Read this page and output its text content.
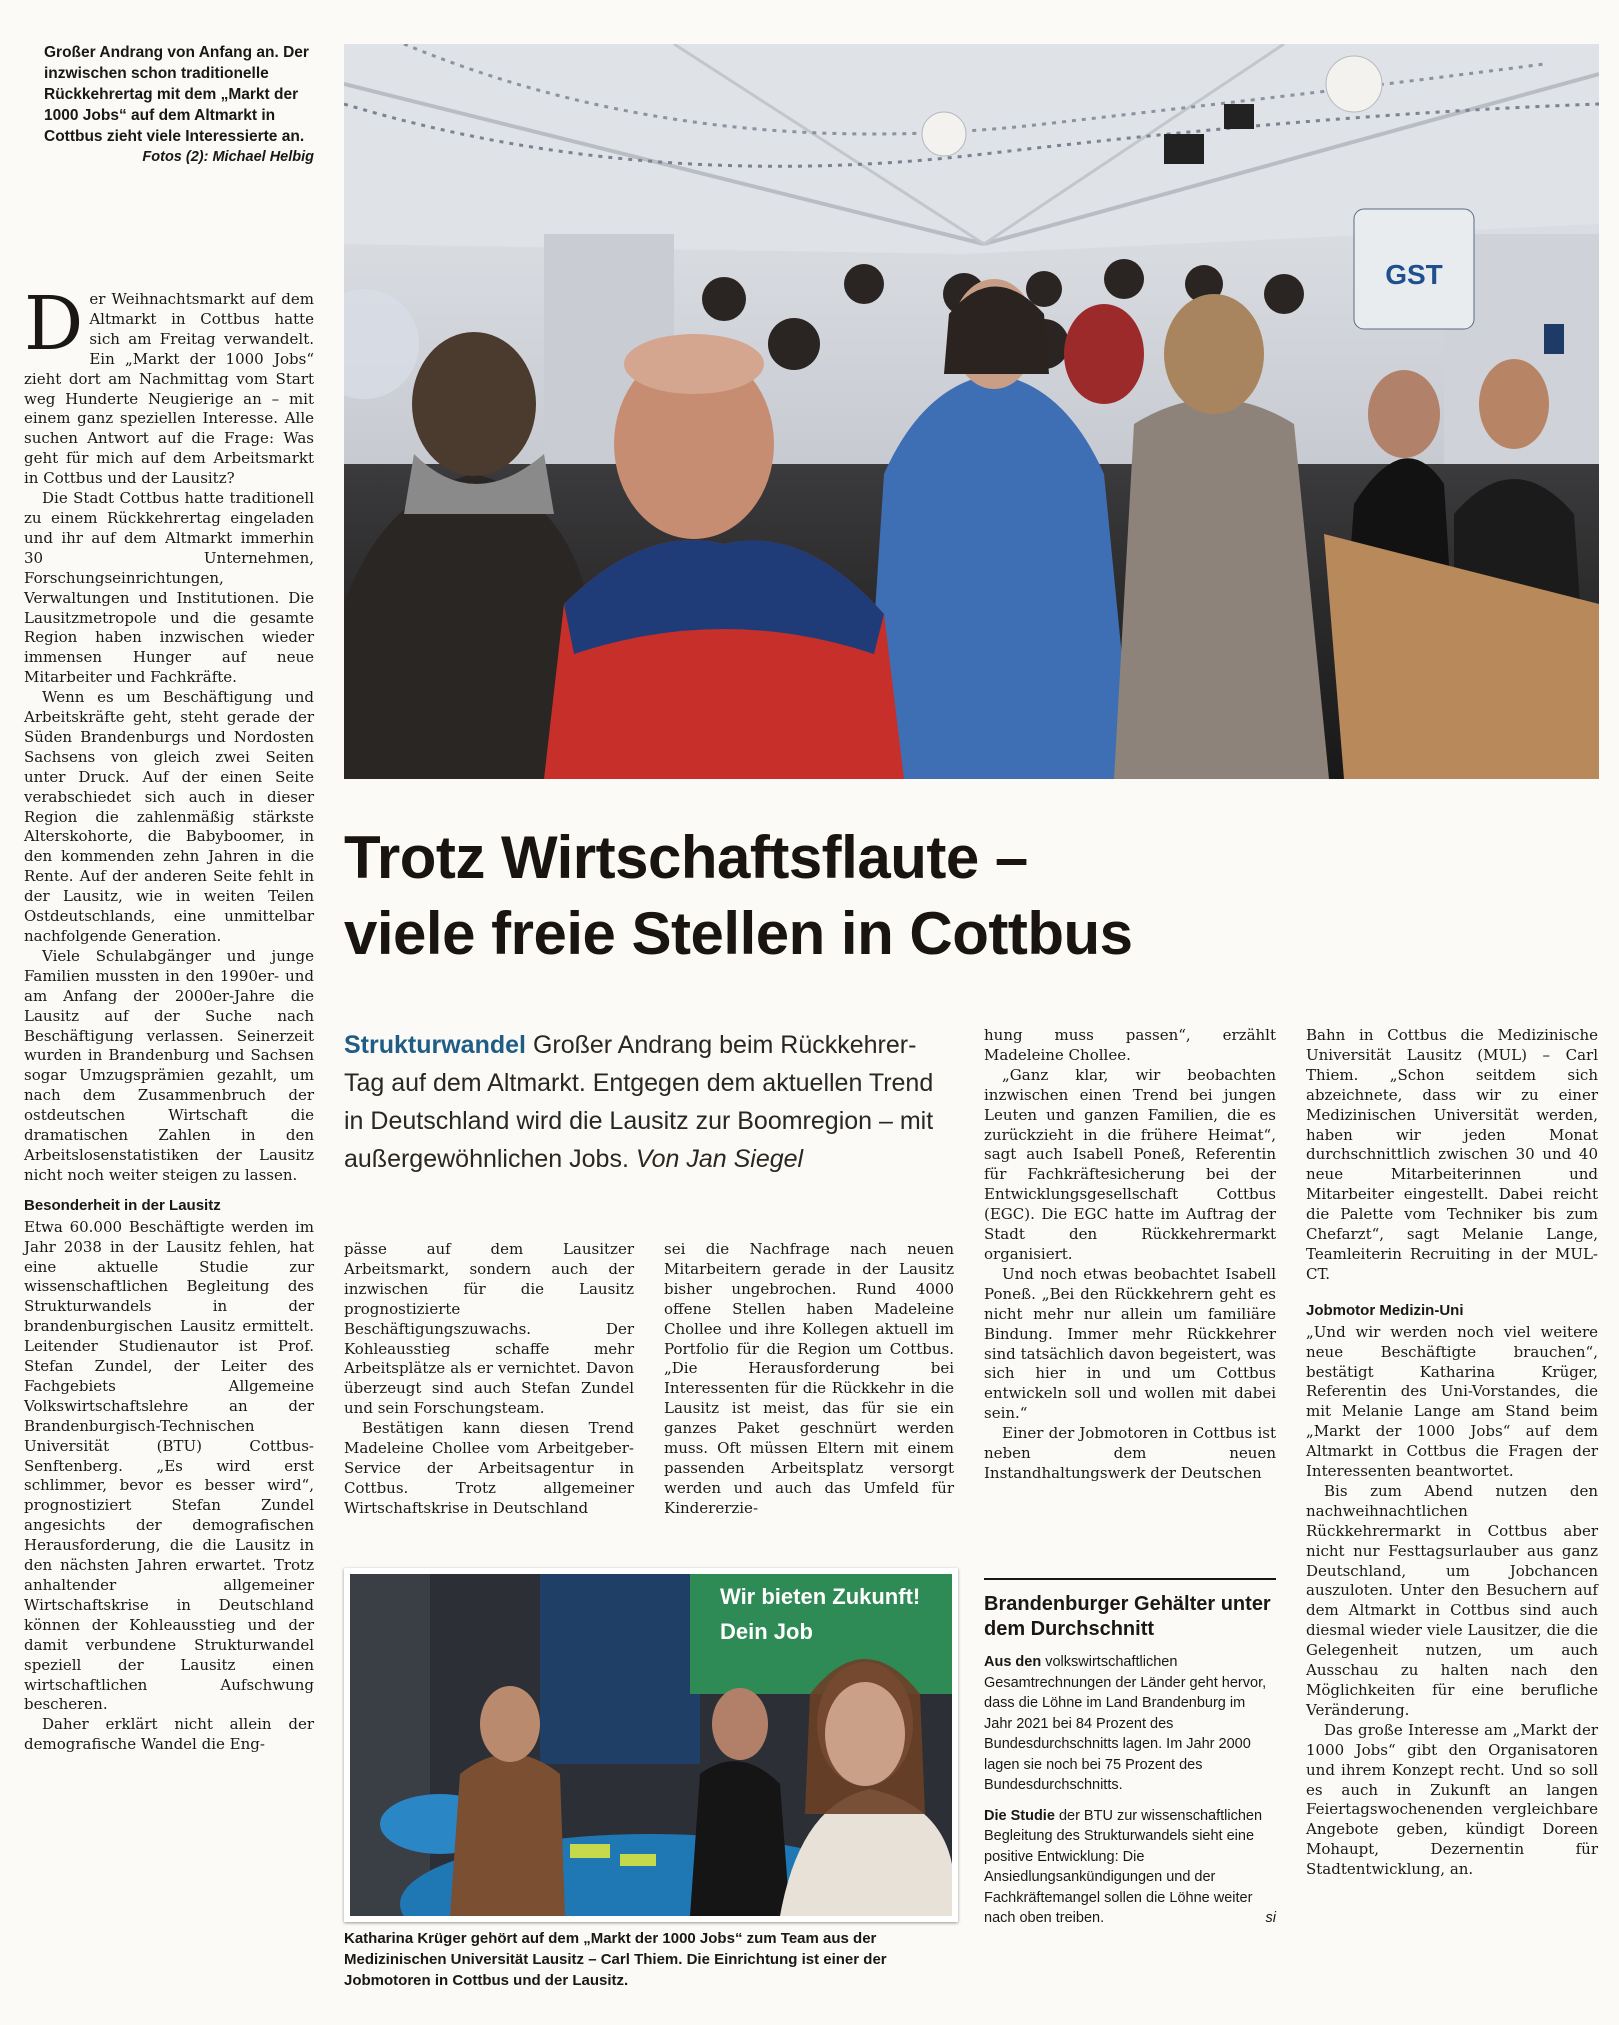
Großer Andrang von Anfang an. Der inzwischen schon traditionelle Rückkehrertag mit dem „Markt der 1000 Jobs“ auf dem Altmarkt in Cottbus zieht viele Interessierte an.
Fotos (2): Michael Helbig
GST
Trotz Wirtschaftsflaute –
viele freie Stellen in Cottbus
Strukturwandel Großer Andrang beim Rückkehrer-Tag auf dem Altmarkt. Entgegen dem aktuellen Trend in Deutschland wird die Lausitz zur Boomregion – mit außergewöhnlichen Jobs. Von Jan Siegel

Der Weihnachtsmarkt auf dem Altmarkt in Cottbus hatte sich am Freitag verwandelt. Ein „Markt der 1000 Jobs“ zieht dort am Nachmittag vom Start weg Hunderte Neugierige an – mit einem ganz speziellen Interesse. Alle suchen Antwort auf die Frage: Was geht für mich auf dem Arbeitsmarkt in Cottbus und der Lausitz?

Die Stadt Cottbus hatte traditionell zu einem Rückkehrertag eingeladen und ihr auf dem Altmarkt immerhin 30 Unternehmen, Forschungseinrichtungen, Verwaltungen und Institutionen. Die Lausitzmetropole und die gesamte Region haben inzwischen wieder immensen Hunger auf neue Mitarbeiter und Fachkräfte.

Wenn es um Beschäftigung und Arbeitskräfte geht, steht gerade der Süden Brandenburgs und Nordosten Sachsens von gleich zwei Seiten unter Druck. Auf der einen Seite verabschiedet sich auch in dieser Region die zahlenmäßig stärkste Alterskohorte, die Babyboomer, in den kommenden zehn Jahren in die Rente. Auf der anderen Seite fehlt in der Lausitz, wie in weiten Teilen Ostdeutschlands, eine unmittelbar nachfolgende Generation.

Viele Schulabgänger und junge Familien mussten in den 1990er- und am Anfang der 2000er-Jahre die Lausitz auf der Suche nach Beschäftigung verlassen. Seinerzeit wurden in Brandenburg und Sachsen sogar Umzugsprämien gezahlt, um nach dem Zusammenbruch der ostdeutschen Wirtschaft die dramatischen Zahlen in den Arbeitslosenstatistiken der Lausitz nicht noch weiter steigen zu lassen.

Besonderheit in der Lausitz

Etwa 60.000 Beschäftigte werden im Jahr 2038 in der Lausitz fehlen, hat eine aktuelle Studie zur wissenschaftlichen Begleitung des Strukturwandels in der brandenburgischen Lausitz ermittelt. Leitender Studienautor ist Prof. Stefan Zundel, der Leiter des Fachgebiets Allgemeine Volkswirtschaftslehre an der Brandenburgisch-Technischen Universität (BTU) Cottbus-Senftenberg. „Es wird erst schlimmer, bevor es besser wird“, prognostiziert Stefan Zundel angesichts der demografischen Herausforderung, die die Lausitz in den nächsten Jahren erwartet. Trotz anhaltender allgemeiner Wirtschaftskrise in Deutschland können der Kohleausstieg und der damit verbundene Strukturwandel speziell der Lausitz einen wirtschaftlichen Aufschwung bescheren.

Daher erklärt nicht allein der demografische Wandel die Eng-

pässe auf dem Lausitzer Arbeitsmarkt, sondern auch der inzwischen für die Lausitz prognostizierte Beschäftigungszuwachs. Der Kohleausstieg schaffe mehr Arbeitsplätze als er vernichtet. Davon überzeugt sind auch Stefan Zundel und sein Forschungsteam.

Bestätigen kann diesen Trend Madeleine Chollee vom Arbeitgeber-Service der Arbeitsagentur in Cottbus. Trotz allgemeiner Wirtschaftskrise in Deutschland

sei die Nachfrage nach neuen Mitarbeitern gerade in der Lausitz bisher ungebrochen. Rund 4000 offene Stellen haben Madeleine Chollee und ihre Kollegen aktuell im Portfolio für die Region um Cottbus. „Die Herausforderung bei Interessenten für die Rückkehr in die Lausitz ist meist, das für sie ein ganzes Paket geschnürt werden muss. Oft müssen Eltern mit einem passenden Arbeitsplatz versorgt werden und auch das Umfeld für Kindererzie-

hung muss passen“, erzählt Madeleine Chollee.

„Ganz klar, wir beobachten inzwischen einen Trend bei jungen Leuten und ganzen Familien, die es zurückzieht in die frühere Heimat“, sagt auch Isabell Poneß, Referentin für Fachkräftesicherung bei der Entwicklungsgesellschaft Cottbus (EGC). Die EGC hatte im Auftrag der Stadt den Rückkehrermarkt organisiert.

Und noch etwas beobachtet Isabell Poneß. „Bei den Rückkehrern geht es nicht mehr nur allein um familiäre Bindung. Immer mehr Rückkehrer sind tatsächlich davon begeistert, was sich hier in und um Cottbus entwickeln soll und wollen mit dabei sein.“

Einer der Jobmotoren in Cottbus ist neben dem neuen Instandhaltungswerk der Deutschen

Brandenburger Gehälter unter dem Durchschnitt

Aus den volkswirtschaftlichen Gesamtrechnungen der Länder geht hervor, dass die Löhne im Land Brandenburg im Jahr 2021 bei 84 Prozent des Bundesdurchschnitts lagen. Im Jahr 2000 lagen sie noch bei 75 Prozent des Bundesdurchschnitts.

Die Studie der BTU zur wissenschaftlichen Begleitung des Strukturwandels sieht eine positive Entwicklung: Die Ansiedlungsankündigungen und der Fachkräftemangel sollen die Löhne weiter nach oben treiben.	si

Bahn in Cottbus die Medizinische Universität Lausitz (MUL) – Carl Thiem. „Schon seitdem sich abzeichnete, dass wir zu einer Medizinischen Universität werden, haben wir jeden Monat durchschnittlich zwischen 30 und 40 neue Mitarbeiterinnen und Mitarbeiter eingestellt. Dabei reicht die Palette vom Techniker bis zum Chefarzt“, sagt Melanie Lange, Teamleiterin Recruiting in der MUL-CT.

Jobmotor Medizin-Uni

„Und wir werden noch viel weitere neue Beschäftigte brauchen“, bestätigt Katharina Krüger, Referentin des Uni-Vorstandes, die mit Melanie Lange am Stand beim „Markt der 1000 Jobs“ auf dem Altmarkt in Cottbus die Fragen der Interessenten beantwortet.

Bis zum Abend nutzen den nachweihnachtlichen Rückkehrermarkt in Cottbus aber nicht nur Festtagsurlauber aus ganz Deutschland, um Jobchancen auszuloten. Unter den Besuchern auf dem Altmarkt in Cottbus sind auch diesmal wieder viele Lausitzer, die die Gelegenheit nutzen, um auch Ausschau zu halten nach den Möglichkeiten für eine berufliche Veränderung.

Das große Interesse am „Markt der 1000 Jobs“ gibt den Organisatoren und ihrem Konzept recht. Und so soll es auch in Zukunft an langen Feiertagswochenenden vergleichbare Angebote geben, kündigt Doreen Mohaupt, Dezernentin für Stadtentwicklung, an.

Wir bieten Zukunft!
Dein Job
Katharina Krüger gehört auf dem „Markt der 1000 Jobs“ zum Team aus der Medizinischen Universität Lausitz – Carl Thiem. Die Einrichtung ist einer der Jobmotoren in Cottbus und der Lausitz.
